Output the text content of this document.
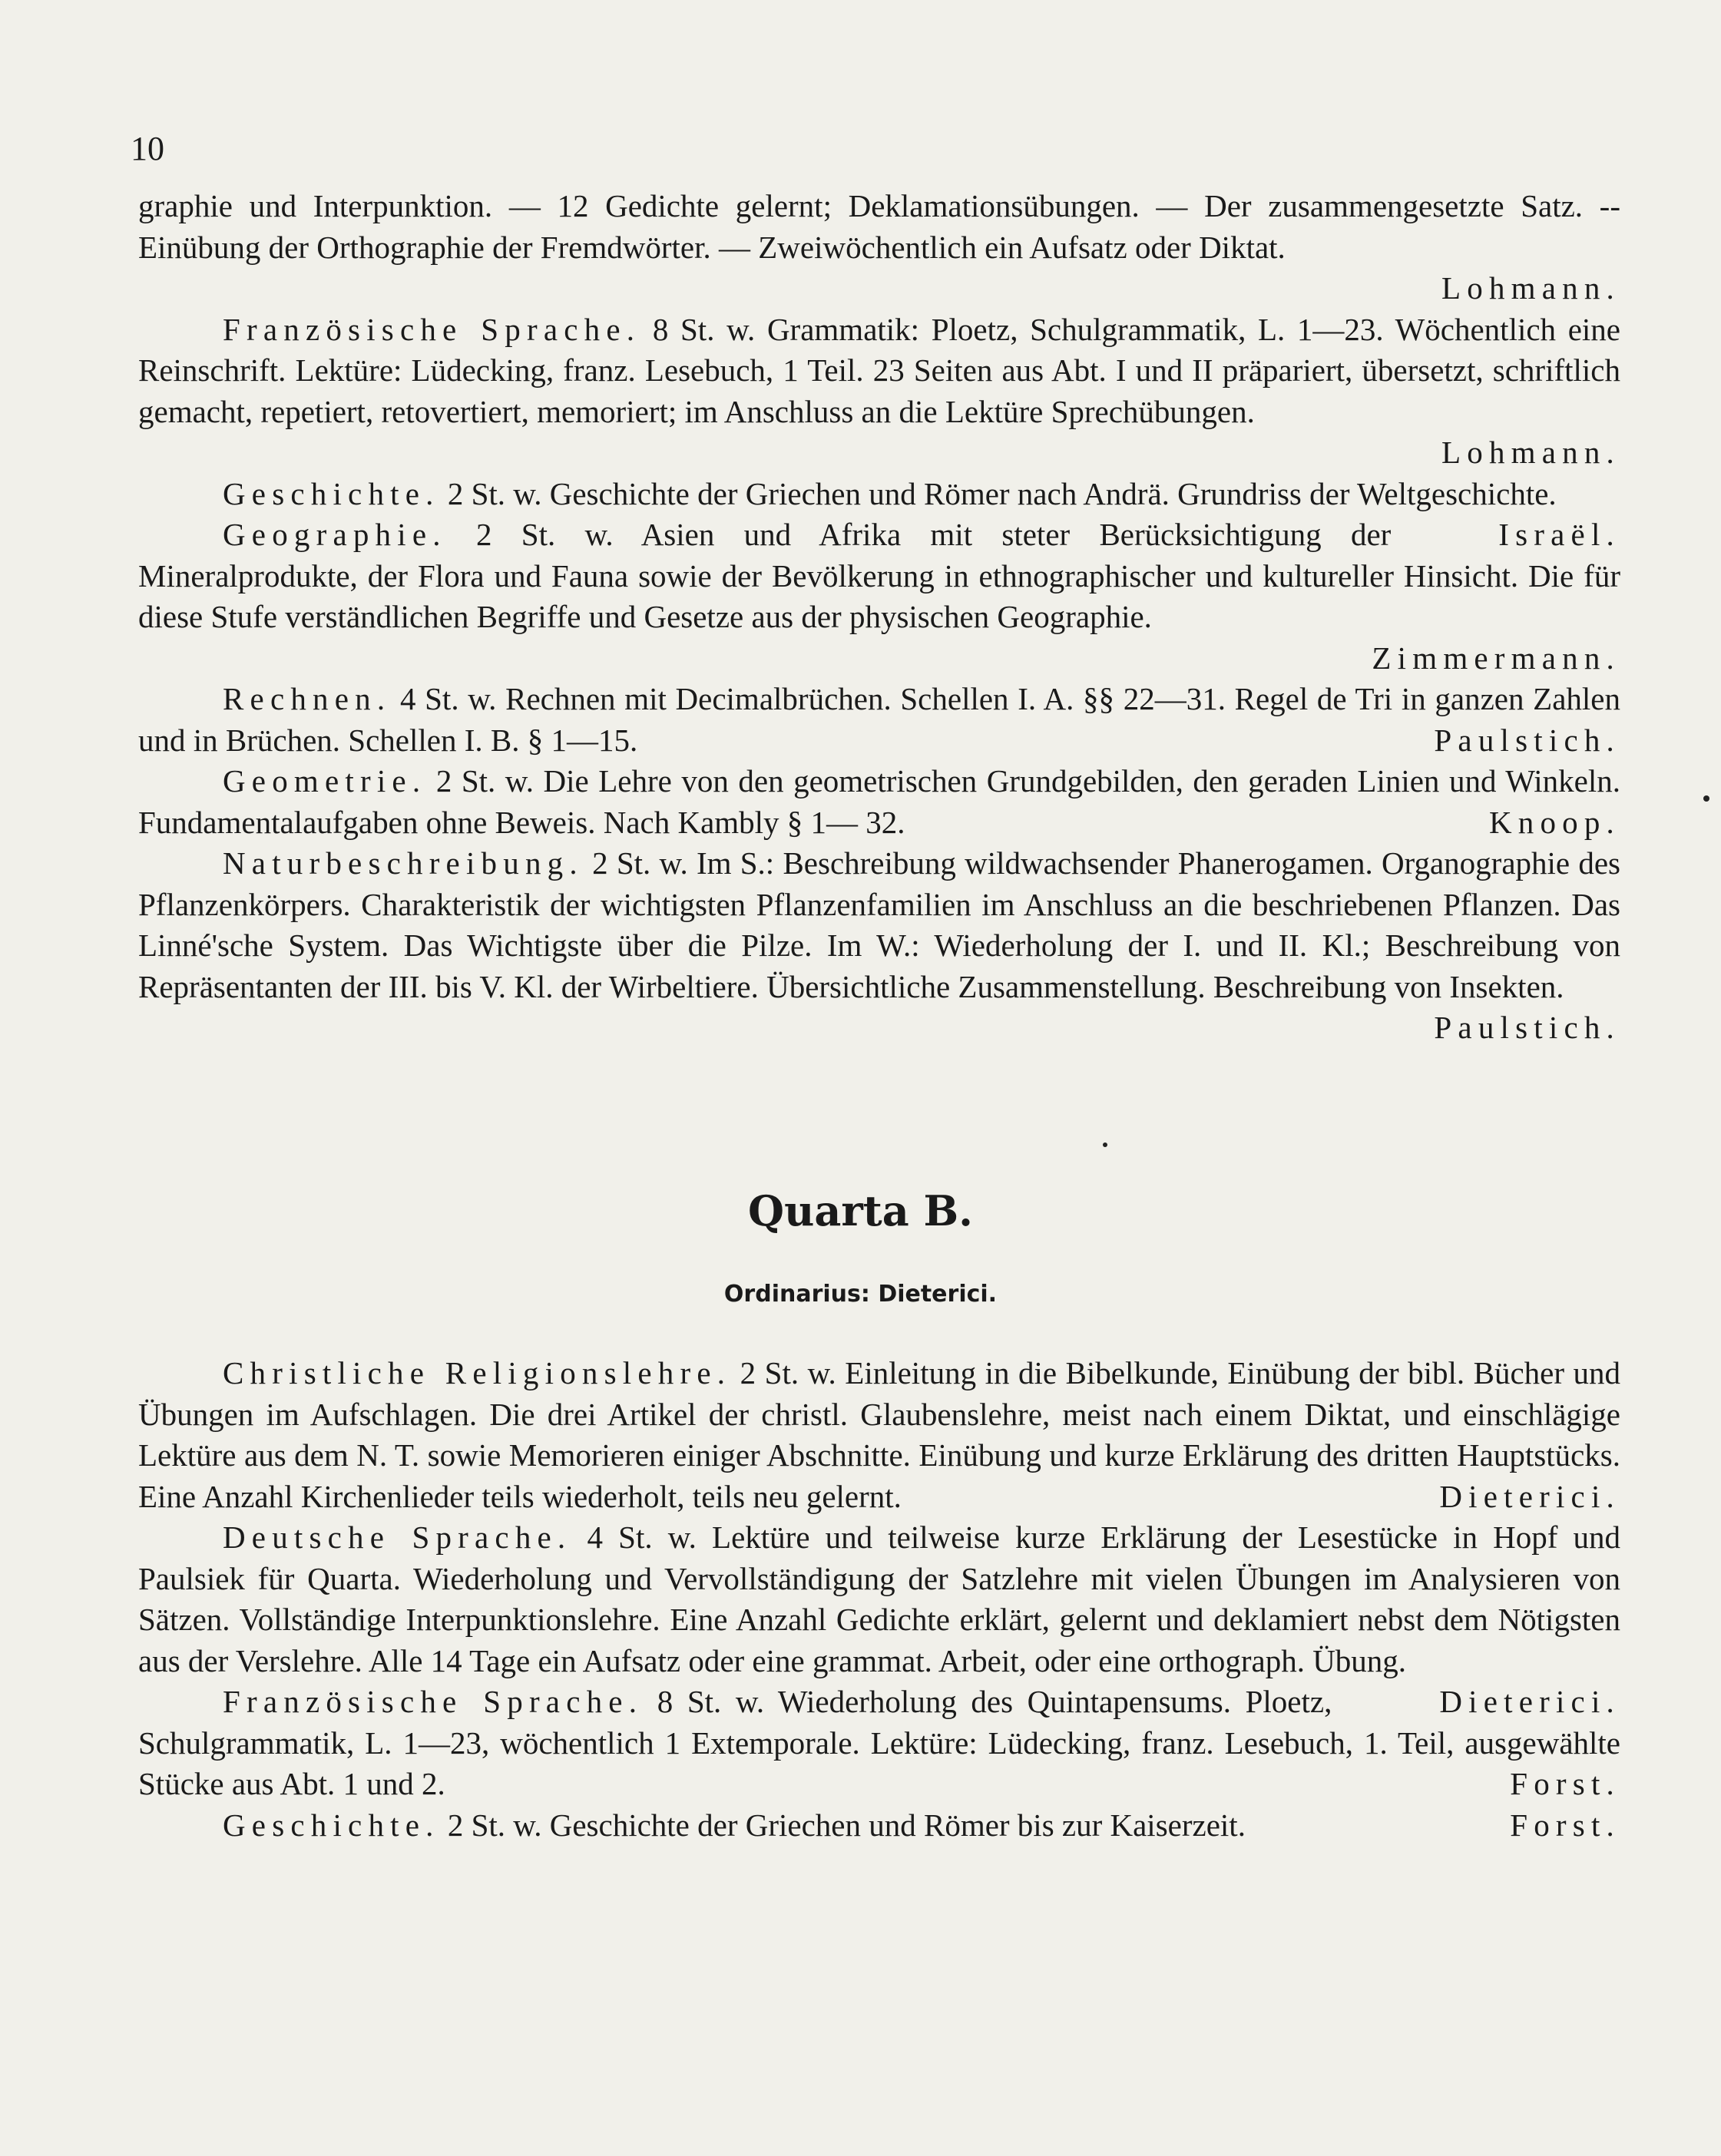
10

graphie und Interpunktion. — 12 Gedichte gelernt; Deklamationsübungen. — Der zusammengesetzte Satz. -- Einübung der Orthographie der Fremdwörter. — Zweiwöchentlich ein Aufsatz oder Diktat.

Lohmann.

Französische Sprache. 8 St. w. Grammatik: Ploetz, Schulgrammatik, L. 1—23. Wöchentlich eine Reinschrift. Lektüre: Lüdecking, franz. Lesebuch, 1 Teil. 23 Seiten aus Abt. I und II präpariert, übersetzt, schriftlich gemacht, repetiert, retovertiert, memoriert; im Anschluss an die Lektüre Sprechübungen.

Lohmann.

Geschichte. 2 St. w. Geschichte der Griechen und Römer nach Andrä. Grundriss der Weltgeschichte.
Israël.

Geographie. 2 St. w. Asien und Afrika mit steter Berücksichtigung der Mineralprodukte, der Flora und Fauna sowie der Bevölkerung in ethnographischer und kultureller Hinsicht. Die für diese Stufe verständlichen Begriffe und Gesetze aus der physischen Geographie.

Zimmermann.

Rechnen. 4 St. w. Rechnen mit Decimalbrüchen. Schellen I. A. §§ 22—31. Regel de Tri in ganzen Zahlen und in Brüchen. Schellen I. B. § 1—15.	Paulstich.

Geometrie. 2 St. w. Die Lehre von den geometrischen Grundgebilden, den geraden Linien und Winkeln. Fundamentalaufgaben ohne Beweis. Nach Kambly § 1— 32.	Knoop.

Naturbeschreibung. 2 St. w. Im S.: Beschreibung wildwachsender Phanerogamen. Organographie des Pflanzenkörpers. Charakteristik der wichtigsten Pflanzenfamilien im Anschluss an die beschriebenen Pflanzen. Das Linné'sche System. Das Wichtigste über die Pilze. Im W.: Wiederholung der I. und II. Kl.; Beschreibung von Repräsentanten der III. bis V. Kl. der Wirbeltiere. Übersichtliche Zusammenstellung. Beschreibung von Insekten.
Paulstich.

Quarta B.
Ordinarius: Dieterici.

Christliche Religionslehre. 2 St. w. Einleitung in die Bibelkunde, Einübung der bibl. Bücher und Übungen im Aufschlagen. Die drei Artikel der christl. Glaubenslehre, meist nach einem Diktat, und einschlägige Lektüre aus dem N. T. sowie Memorieren einiger Abschnitte. Einübung und kurze Erklärung des dritten Hauptstücks. Eine Anzahl Kirchenlieder teils wiederholt, teils neu gelernt.	Dieterici.

Deutsche Sprache. 4 St. w. Lektüre und teilweise kurze Erklärung der Lesestücke in Hopf und Paulsiek für Quarta. Wiederholung und Vervollständigung der Satzlehre mit vielen Übungen im Analysieren von Sätzen. Vollständige Interpunktionslehre. Eine Anzahl Gedichte erklärt, gelernt und deklamiert nebst dem Nötigsten aus der Verslehre. Alle 14 Tage ein Aufsatz oder eine grammat. Arbeit, oder eine orthograph. Übung.
Dieterici.

Französische Sprache. 8 St. w. Wiederholung des Quintapensums. Ploetz, Schulgrammatik, L. 1—23, wöchentlich 1 Extemporale. Lektüre: Lüdecking, franz. Lesebuch, 1. Teil, ausgewählte Stücke aus Abt. 1 und 2.	Forst.

Geschichte. 2 St. w. Geschichte der Griechen und Römer bis zur Kaiserzeit.	Forst.
